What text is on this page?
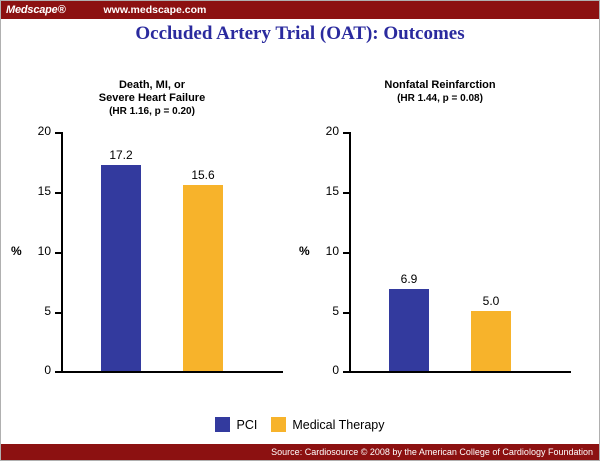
Medscape®	www.medscape.com
Occluded Artery Trial (OAT): Outcomes
Death, MI, or
Severe Heart Failure
(HR 1.16, p = 0.20)
%
20
15
10
5
0
17.2
15.6
Nonfatal Reinfarction
(HR 1.44, p = 0.08)
%
20
15
10
5
0
6.9
5.0
PCI	Medical Therapy
Source: Cardiosource © 2008 by the American College of Cardiology Foundation
